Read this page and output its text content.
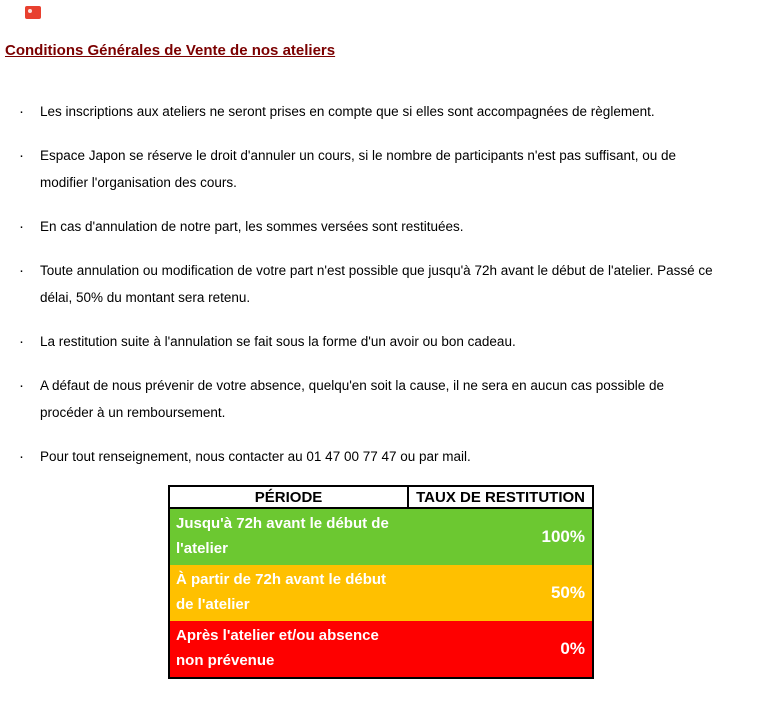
Conditions Générales de Vente de nos ateliers
· Les inscriptions aux ateliers ne seront prises en compte que si elles sont accompagnées de règlement.
· Espace Japon se réserve le droit d'annuler un cours, si le nombre de participants n'est pas suffisant, ou de modifier l'organisation des cours.
· En cas d'annulation de notre part, les sommes versées sont restituées.
· Toute annulation ou modification de votre part n'est possible que jusqu'à 72h avant le début de l'atelier. Passé ce délai, 50% du montant sera retenu.
· La restitution suite à l'annulation se fait sous la forme d'un avoir ou bon cadeau.
· A défaut de nous prévenir de votre absence, quelqu'en soit la cause, il ne sera en aucun cas possible de procéder à un remboursement.
· Pour tout renseignement, nous contacter au 01 47 00 77 47 ou par mail.
PÉRIODE	TAUX DE RESTITUTION
Jusqu'à 72h avant le début de l'atelier	100%
À partir de 72h avant le début de l'atelier	50%
Après l'atelier et/ou absence non prévenue	0%
